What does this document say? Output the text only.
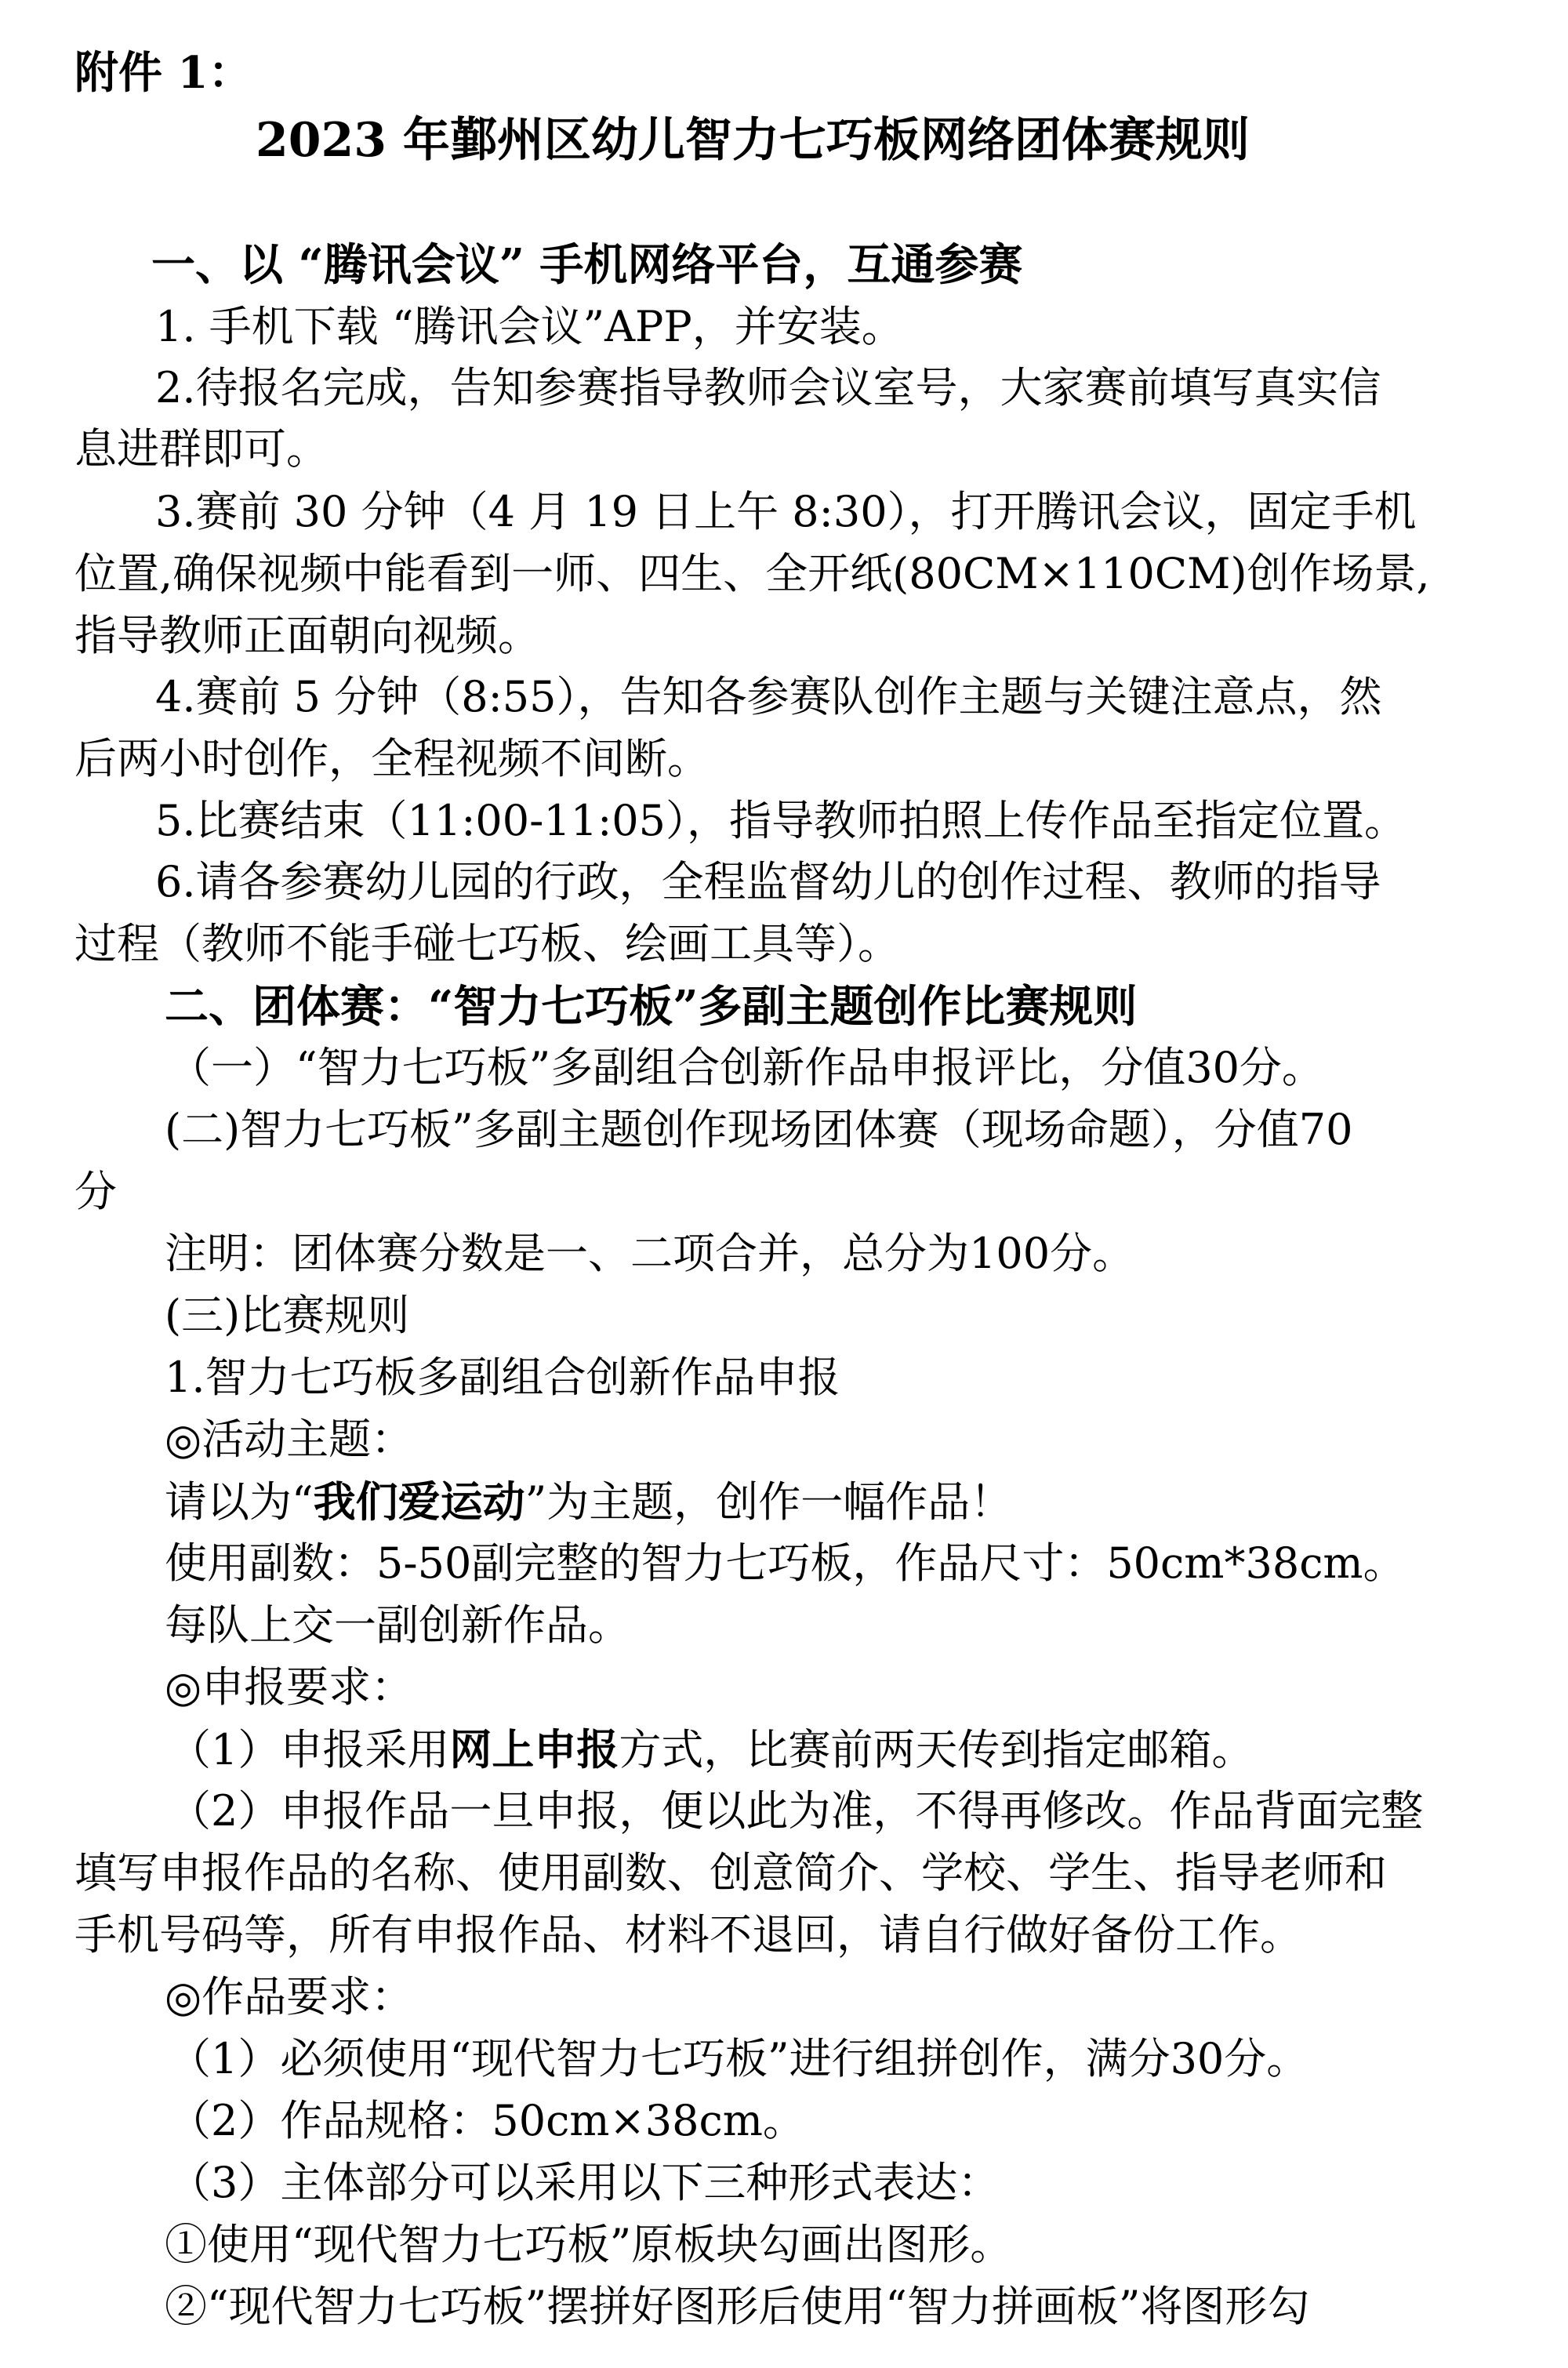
附件 1：
2023 年鄞州区幼儿智力七巧板网络团体赛规则
一、以 “腾讯会议” 手机网络平台，互通参赛
1. 手机下载 “腾讯会议”APP，并安装。
2.待报名完成，告知参赛指导教师会议室号，大家赛前填写真实信
息进群即可。
3.赛前 30 分钟（4 月 19 日上午 8:30），打开腾讯会议，固定手机
位置,确保视频中能看到一师、四生、全开纸(80CM×110CM)创作场景,
指导教师正面朝向视频。
4.赛前 5 分钟（8:55），告知各参赛队创作主题与关键注意点，然
后两小时创作，全程视频不间断。
5.比赛结束（11:00-11:05），指导教师拍照上传作品至指定位置。
6.请各参赛幼儿园的行政，全程监督幼儿的创作过程、教师的指导
过程（教师不能手碰七巧板、绘画工具等）。
二、团体赛：“智力七巧板”多副主题创作比赛规则
（一）“智力七巧板”多副组合创新作品申报评比，分值30分。
(二)智力七巧板”多副主题创作现场团体赛（现场命题），分值70
分
注明：团体赛分数是一、二项合并，总分为100分。
(三)比赛规则
1.智力七巧板多副组合创新作品申报
◎活动主题：
请以为“我们爱运动”为主题，创作一幅作品！
使用副数：5-50副完整的智力七巧板，作品尺寸：50cm*38cm。
每队上交一副创新作品。
◎申报要求：
（1）申报采用网上申报方式，比赛前两天传到指定邮箱。
（2）申报作品一旦申报，便以此为准，不得再修改。作品背面完整
填写申报作品的名称、使用副数、创意简介、学校、学生、指导老师和
手机号码等，所有申报作品、材料不退回，请自行做好备份工作。
◎作品要求：
（1）必须使用“现代智力七巧板”进行组拼创作，满分30分。
（2）作品规格：50cm×38cm。
（3）主体部分可以采用以下三种形式表达：
①使用“现代智力七巧板”原板块勾画出图形。
②“现代智力七巧板”摆拼好图形后使用“智力拼画板”将图形勾
